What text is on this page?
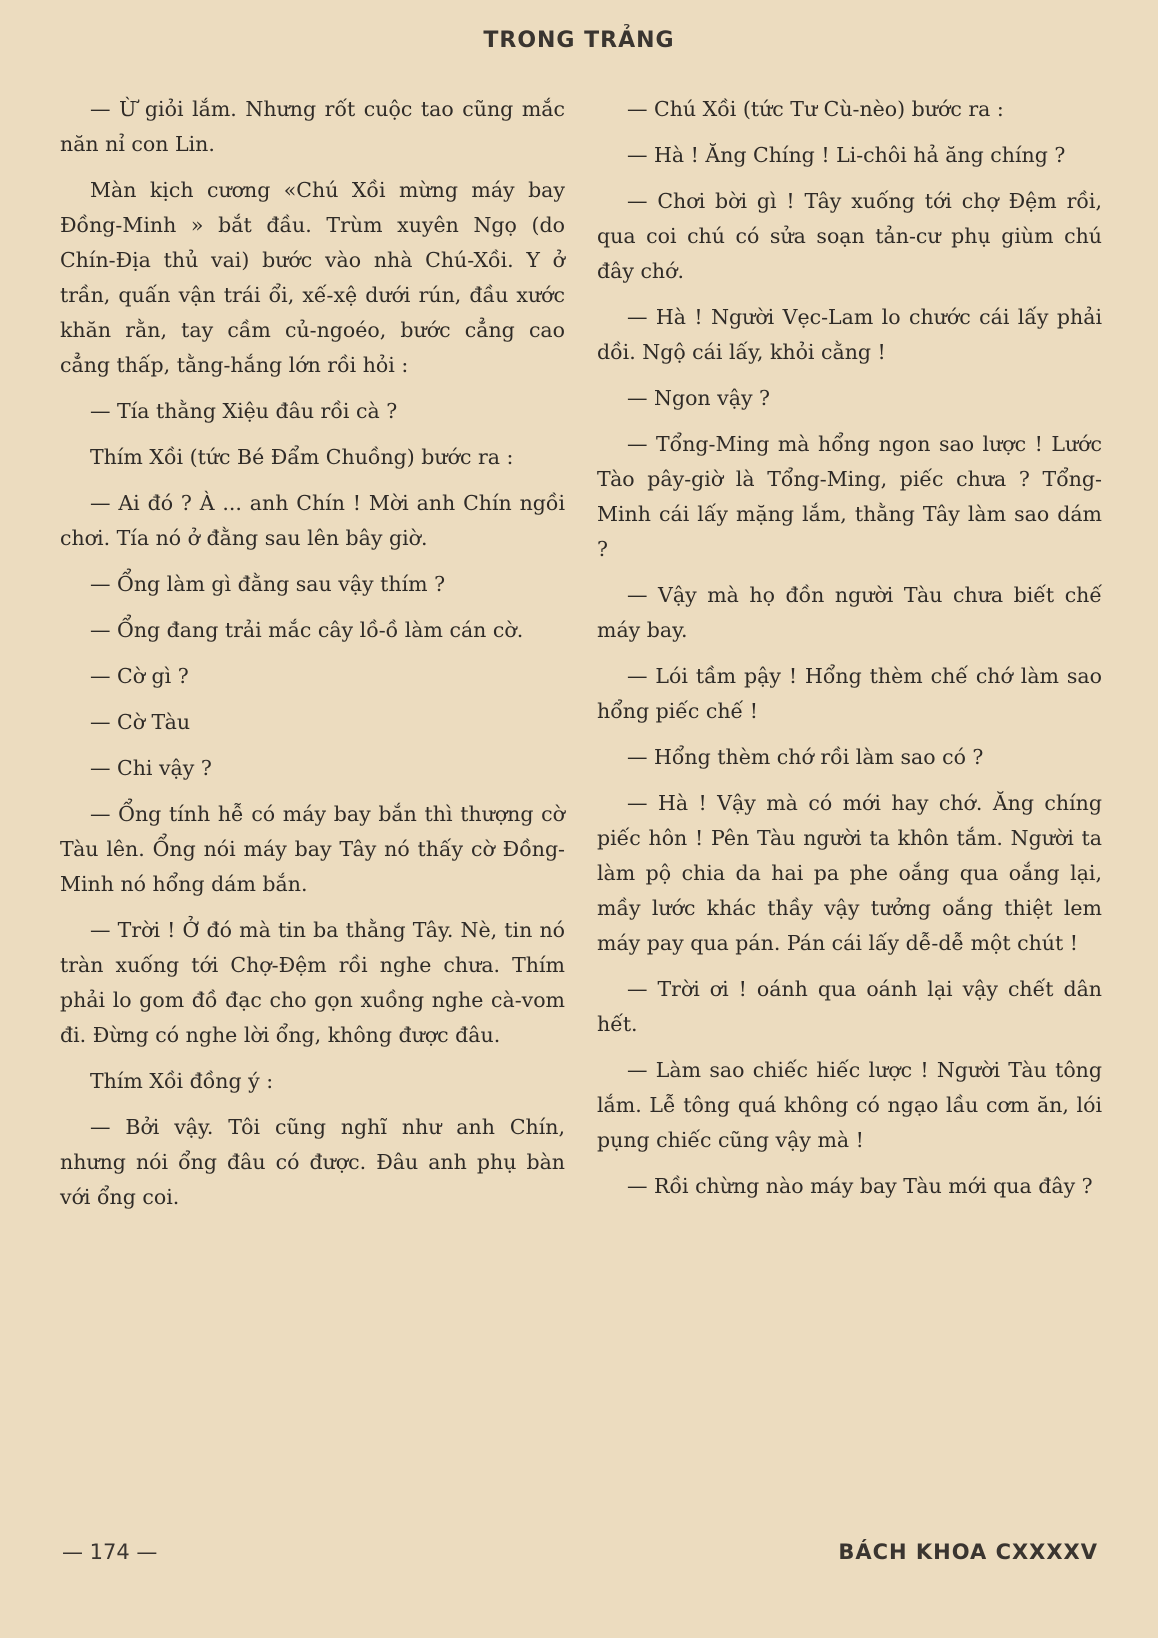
TRONG TRẢNG

— Ừ giỏi lắm. Nhưng rốt cuộc tao cũng mắc năn nỉ con Lin.

Màn kịch cương «Chú Xồi mừng máy bay Đồng-Minh » bắt đầu. Trùm xuyên Ngọ (do Chín-Địa thủ vai) bước vào nhà Chú-Xồi. Y ở trần, quấn vận trái ổi, xế-xệ dưới rún, đầu xước khăn rằn, tay cầm củ-ngoéo, bước cẳng cao cẳng thấp, tằng-hắng lớn rồi hỏi :

— Tía thằng Xiệu đâu rồi cà ?

Thím Xồi (tức Bé Đẩm Chuồng) bước ra :

— Ai đó ? À ... anh Chín ! Mời anh Chín ngồi chơi. Tía nó ở đằng sau lên bây giờ.

— Ổng làm gì đằng sau vậy thím ?

— Ổng đang trải mắc cây lồ-ồ làm cán cờ.

— Cờ gì ?

— Cờ Tàu

— Chi vậy ?

— Ổng tính hễ có máy bay bắn thì thượng cờ Tàu lên. Ổng nói máy bay Tây nó thấy cờ Đồng-Minh nó hổng dám bắn.

— Trời ! Ở đó mà tin ba thằng Tây. Nè, tin nó tràn xuống tới Chợ-Đệm rồi nghe chưa. Thím phải lo gom đồ đạc cho gọn xuồng nghe cà-vom đi. Đừng có nghe lời ổng, không được đâu.

Thím Xồi đồng ý :

— Bởi vậy. Tôi cũng nghĩ như anh Chín, nhưng nói ổng đâu có được. Đâu anh phụ bàn với ổng coi.

— Chú Xồi (tức Tư Cù-nèo) bước ra :

— Hà ! Ăng Chíng ! Li-chôi hả ăng chíng ?

— Chơi bời gì ! Tây xuống tới chợ Đệm rồi, qua coi chú có sửa soạn tản-cư phụ giùm chú đây chớ.

— Hà ! Người Vẹc-Lam lo chước cái lấy phải dồi. Ngộ cái lấy, khỏi cằng !

— Ngon vậy ?

— Tổng-Ming mà hổng ngon sao lược ! Lước Tào pây-giờ là Tổng-Ming, piếc chưa ? Tổng-Minh cái lấy mặng lắm, thằng Tây làm sao dám ?

— Vậy mà họ đồn người Tàu chưa biết chế máy bay.

— Lói tầm pậy ! Hổng thèm chế chớ làm sao hổng piếc chế !

— Hổng thèm chớ rồi làm sao có ?

— Hà ! Vậy mà có mới hay chớ. Ăng chíng piếc hôn ! Pên Tàu người ta khôn tắm. Người ta làm pộ chia da hai pa phe oắng qua oắng lại, mầy lước khác thầy vậy tưởng oắng thiệt lem máy pay qua pán. Pán cái lấy dễ-dễ một chút !

— Trời ơi ! oánh qua oánh lại vậy chết dân hết.

— Làm sao chiếc hiếc lược ! Người Tàu tông lắm. Lễ tông quá không có ngạo lầu cơm ăn, lói pụng chiếc cũng vậy mà !

— Rồi chừng nào máy bay Tàu mới qua đây ?

— 174 —	BÁCH KHOA CXXXXV
